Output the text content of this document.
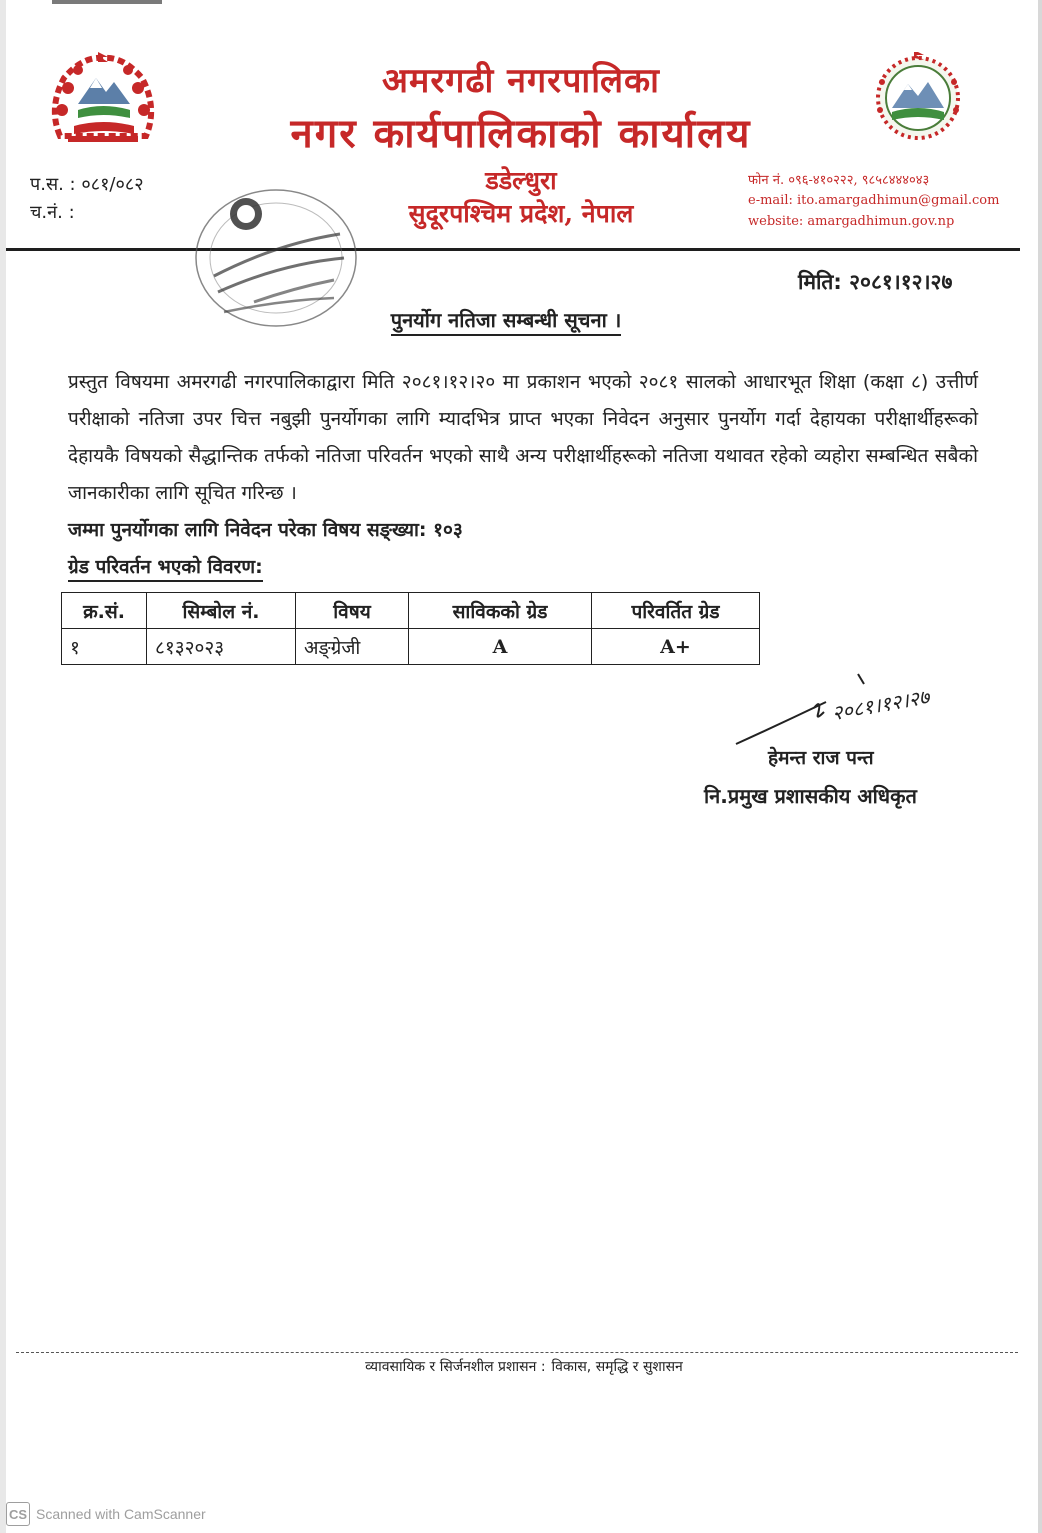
अमरगढी नगरपालिका
नगर कार्यपालिकाको कार्यालय
डडेल्धुरा
सुदूरपश्चिम प्रदेश, नेपाल
प.स. : ०८१/०८२
च.नं. :
फोन नं. ०९६-४१०२२२, ९८५८४४४०४३
e-mail: ito.amargadhimun@gmail.com
website: amargadhimun.gov.np
मिति: २०८१।१२।२७
पुनर्योग नतिजा सम्बन्धी सूचना ।
प्रस्तुत विषयमा अमरगढी नगरपालिकाद्वारा मिति २०८१।१२।२० मा प्रकाशन भएको २०८१ सालको आधारभूत शिक्षा (कक्षा ८) उत्तीर्ण परीक्षाको नतिजा उपर चित्त नबुझी पुनर्योगका लागि म्यादभित्र प्राप्त भएका निवेदन अनुसार पुनर्योग गर्दा देहायका परीक्षार्थीहरूको देहायकै विषयको सैद्धान्तिक तर्फको नतिजा परिवर्तन भएको साथै अन्य परीक्षार्थीहरूको नतिजा यथावत रहेको व्यहोरा सम्बन्धित सबैको जानकारीका लागि सूचित गरिन्छ ।
जम्मा पुनर्योगका लागि निवेदन परेका विषय सङ्ख्या: १०३
ग्रेड परिवर्तन भएको विवरण:
क्र.सं.	सिम्बोल नं.	विषय	साविकको ग्रेड	परिवर्तित ग्रेड
१	८१३२०२३	अङ्ग्रेजी	A	A+
२०८१।१२।२७
हेमन्त राज पन्त
नि.प्रमुख प्रशासकीय अधिकृत
व्यावसायिक र सिर्जनशील प्रशासन : विकास, समृद्धि र सुशासन
CS Scanned with CamScanner
